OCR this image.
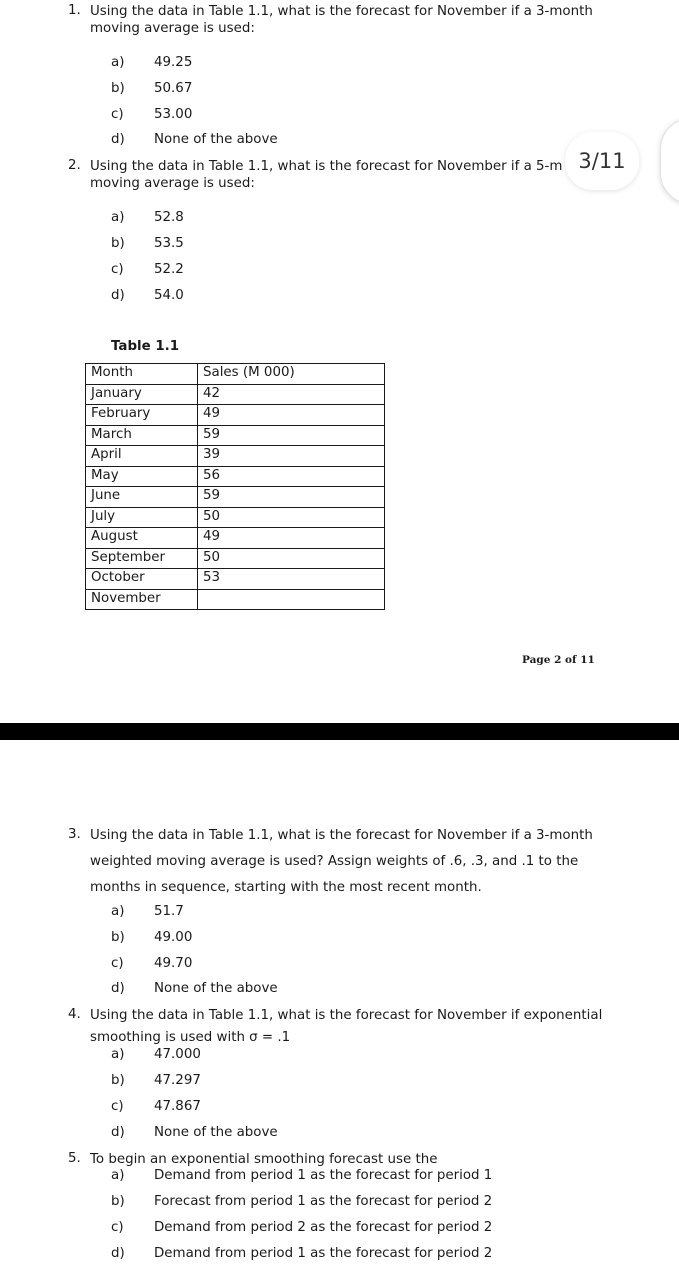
1. Using the data in Table 1.1, what is the forecast for November if a 3-month
moving average is used:
a) 49.25
b) 50.67
c) 53.00
d) None of the above
2. Using the data in Table 1.1, what is the forecast for November if a 5-m
moving average is used:
a) 52.8
b) 53.5
c) 52.2
d) 54.0
Table 1.1
Month	Sales (M 000)
January	42
February	49
March	59
April	39
May	56
June	59
July	50
August	49
September	50
October	53
November	
Page 2 of 11
3/11
3. Using the data in Table 1.1, what is the forecast for November if a 3-month
weighted moving average is used? Assign weights of .6, .3, and .1 to the
months in sequence, starting with the most recent month.
a) 51.7
b) 49.00
c) 49.70
d) None of the above
4. Using the data in Table 1.1, what is the forecast for November if exponential
smoothing is used with σ = .1
a) 47.000
b) 47.297
c) 47.867
d) None of the above
5. To begin an exponential smoothing forecast use the
a) Demand from period 1 as the forecast for period 1
b) Forecast from period 1 as the forecast for period 2
c) Demand from period 2 as the forecast for period 2
d) Demand from period 1 as the forecast for period 2
